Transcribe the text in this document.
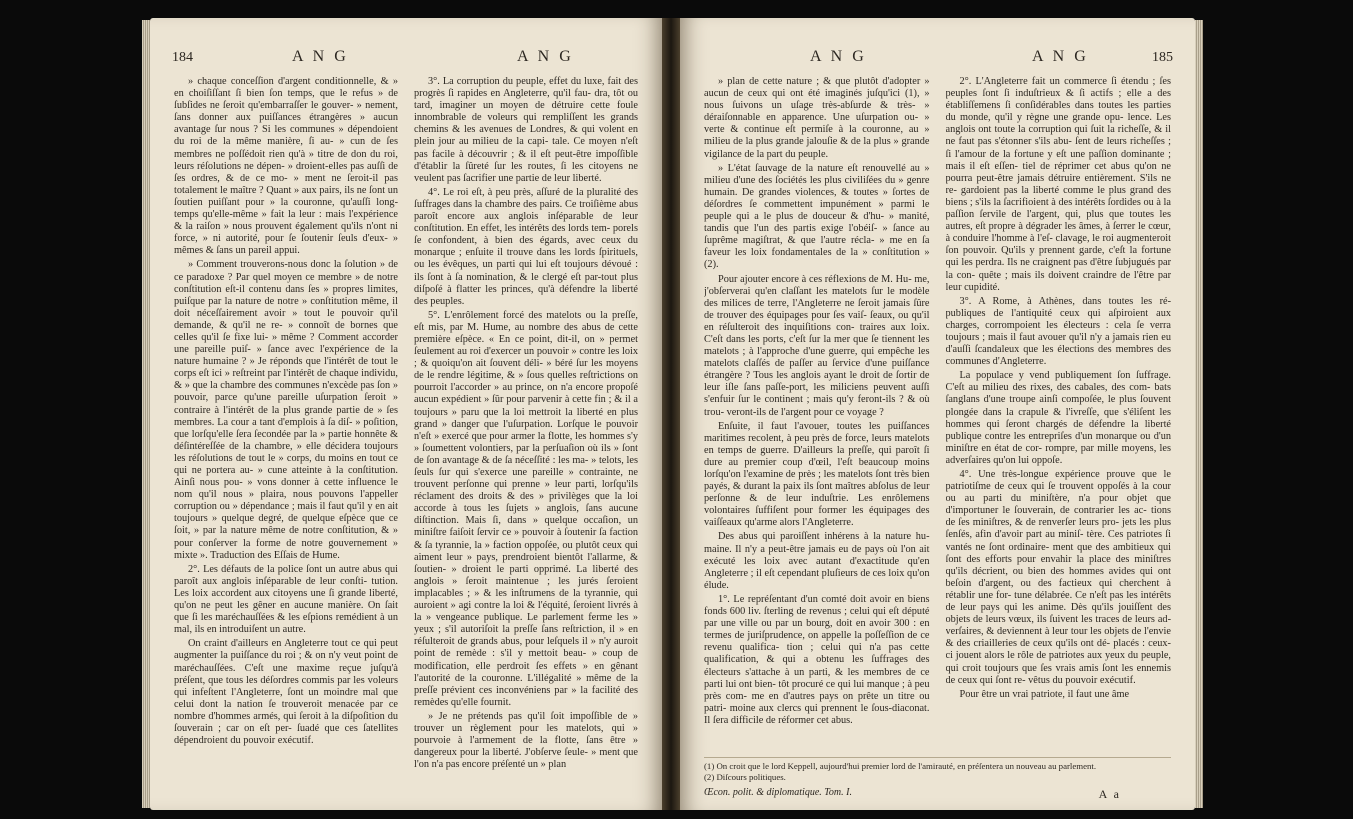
184	A N G	A N G

» chaque conceſſion d'argent conditionnelle, & » en choiſiſſant ſi bien ſon temps, que le refus » de ſubſides ne ſeroit qu'embarraſſer le gouver- » nement, ſans donner aux puiſſances étrangères » aucun avantage ſur nous ? Si les communes » dépendoient du roi de la même manière, ſi au- » cun de ſes membres ne poſſédoit rien qu'à » titre de don du roi, leurs réſolutions ne dépen- » droient-elles pas auſſi de ſes ordres, & de ce mo- » ment ne ſeroit-il pas totalement le maître ? Quant » aux pairs, ils ne ſont un ſoutien puiſſant pour » la couronne, qu'auſſi long-temps qu'elle-même » fait la leur : mais l'expérience & la raiſon » nous prouvent également qu'ils n'ont ni force, » ni autorité, pour ſe ſoutenir ſeuls d'eux- » mêmes & ſans un pareil appui.

» Comment trouverons-nous donc la ſolution » de ce paradoxe ? Par quel moyen ce membre » de notre conſtitution eſt-il contenu dans ſes » propres limites, puiſque par la nature de notre » conſtitution même, il doit néceſſairement avoir » tout le pouvoir qu'il demande, & qu'il ne re- » connoît de bornes que celles qu'il ſe fixe lui- » même ? Comment accorder une pareille puiſ- » ſance avec l'expérience de la nature humaine ? » Je réponds que l'intérêt de tout le corps eſt ici » reſtreint par l'intérêt de chaque individu, & » que la chambre des communes n'excède pas ſon » pouvoir, parce qu'une pareille uſurpation ſeroit » contraire à l'intérêt de la plus grande partie de » ſes membres. La cour a tant d'emplois à ſa diſ- » poſition, que lorſqu'elle ſera ſecondée par la » partie honnête & déſintéreſſée de la chambre, » elle décidera toujours les réſolutions de tout le » corps, du moins en tout ce qui ne portera au- » cune atteinte à la conſtitution. Ainſi nous pou- » vons donner à cette influence le nom qu'il nous » plaira, nous pouvons l'appeller corruption ou » dépendance ; mais il faut qu'il y en ait toujours » quelque degré, de quelque eſpèce que ce ſoit, » par la nature même de notre conſtitution, & » pour conſerver la forme de notre gouvernement » mixte ». Traduction des Eſſais de Hume.

2°. Les défauts de la police ſont un autre abus qui paroît aux anglois inſéparable de leur conſti- tution. Les loix accordent aux citoyens une ſi grande liberté, qu'on ne peut les gêner en aucune manière. On ſait que ſi les maréchauſſées & les eſpions remédient à un mal, ils en introduiſent un autre.

On craint d'ailleurs en Angleterre tout ce qui peut augmenter la puiſſance du roi ; & on n'y veut point de maréchauſſées. C'eſt une maxime reçue juſqu'à préſent, que tous les déſordres commis par les voleurs qui infeſtent l'Angleterre, ſont un moindre mal que celui dont la nation ſe trouveroit menacée par ce nombre d'hommes armés, qui ſeroit à la diſpoſition du ſouverain ; car on eſt per- ſuadé que ces ſatellites dépendroient du pouvoir exécutif.

3°. La corruption du peuple, effet du luxe, fait des progrès ſi rapides en Angleterre, qu'il fau- dra, tôt ou tard, imaginer un moyen de détruire cette foule innombrable de voleurs qui rempliſſent les grands chemins & les avenues de Londres, & qui volent en plein jour au milieu de la capi- tale. Ce moyen n'eſt pas facile à découvrir ; & il eſt peut-être impoſſible d'établir la ſûreté ſur les routes, ſi les citoyens ne veulent pas ſacrifier une partie de leur liberté.

4°. Le roi eſt, à peu près, aſſuré de la pluralité des ſuffrages dans la chambre des pairs. Ce troiſième abus paroît encore aux anglois inſéparable de leur conſtitution. En effet, les intérêts des lords tem- porels ſe confondent, à bien des égards, avec ceux du monarque ; enſuite il trouve dans les lords ſpirituels, ou les évêques, un parti qui lui eſt toujours dévoué : ils ſont à ſa nomination, & le clergé eſt par-tout plus diſpoſé à flatter les princes, qu'à défendre la liberté des peuples.

5°. L'enrôlement forcé des matelots ou la preſſe, eſt mis, par M. Hume, au nombre des abus de cette première eſpèce. « En ce point, dit-il, on » permet ſeulement au roi d'exercer un pouvoir » contre les loix ; & quoiqu'on ait ſouvent déli- » béré ſur les moyens de le rendre légitime, & » ſous quelles reſtrictions on pourroit l'accorder » au prince, on n'a encore propoſé aucun expédient » ſûr pour parvenir à cette fin ; & il a toujours » paru que la loi mettroit la liberté en plus grand » danger que l'uſurpation. Lorſque le pouvoir n'eſt » exercé que pour armer la flotte, les hommes s'y » ſoumettent volontiers, par la perſuaſion où ils » ſont de ſon avantage & de ſa néceſſité : les ma- » telots, les ſeuls ſur qui s'exerce une pareille » contrainte, ne trouvent perſonne qui prenne » leur parti, lorſqu'ils réclament des droits & des » privilèges que la loi accorde à tous les ſujets » anglois, ſans aucune diſtinction. Mais ſi, dans » quelque occaſion, un miniſtre faiſoit ſervir ce » pouvoir à ſoutenir ſa faction & ſa tyrannie, la » faction oppoſée, ou plutôt ceux qui aiment leur » pays, prendroient bientôt l'allarme, & ſoutien- » droient le parti opprimé. La liberté des anglois » ſeroit maintenue ; les jurés ſeroient implacables ; » & les inſtrumens de la tyrannie, qui auroient » agi contre la loi & l'équité, ſeroient livrés à la » vengeance publique. Le parlement ferme les » yeux ; s'il autoriſoit la preſſe ſans reſtriction, il » en réſulteroit de grands abus, pour leſquels il » n'y auroit point de remède : s'il y mettoit beau- » coup de modification, elle perdroit ſes effets » en gênant l'autorité de la couronne. L'illégalité » même de la preſſe prévient ces inconvéniens par » la facilité des remèdes qu'elle fournit.

» Je ne prétends pas qu'il ſoit impoſſible de » trouver un règlement pour les matelots, qui » pourvoie à l'armement de la flotte, ſans être » dangereux pour la liberté. J'obſerve ſeule- » ment que l'on n'a pas encore préſenté un » plan

A N G	A N G	185

» plan de cette nature ; & que plutôt d'adopter » aucun de ceux qui ont été imaginés juſqu'ici (1), » nous ſuivons un uſage très-abſurde & très- » déraiſonnable en apparence. Une uſurpation ou- » verte & continue eſt permiſe à la couronne, au » milieu de la plus grande jalouſie & de la plus » grande vigilance de la part du peuple.

» L'état ſauvage de la nature eſt renouvellé au » milieu d'une des ſociétés les plus civiliſées du » genre humain. De grandes violences, & toutes » ſortes de déſordres ſe commettent impunément » parmi le peuple qui a le plus de douceur & d'hu- » manité, tandis que l'un des partis exige l'obéiſ- » ſance au ſuprême magiſtrat, & que l'autre récla- » me en ſa faveur les loix fondamentales de la » conſtitution » (2).

Pour ajouter encore à ces réflexions de M. Hu- me, j'obſerverai qu'en claſſant les matelots ſur le modèle des milices de terre, l'Angleterre ne ſeroit jamais ſûre de trouver des équipages pour ſes vaiſ- ſeaux, ou qu'il en réſulteroit des inquiſitions con- traires aux loix. C'eſt dans les ports, c'eſt ſur la mer que ſe tiennent les matelots ; à l'approche d'une guerre, qui empêche les matelots claſſés de paſſer au ſervice d'une puiſſance étrangère ? Tous les anglois ayant le droit de ſortir de leur iſle ſans paſſe-port, les miliciens peuvent auſſi s'enfuir ſur le continent ; mais qu'y feront-ils ? & où trou- veront-ils de l'argent pour ce voyage ?

Enſuite, il faut l'avouer, toutes les puiſſances maritimes recolent, à peu près de force, leurs matelots en temps de guerre. D'ailleurs la preſſe, qui paroît ſi dure au premier coup d'œil, l'eſt beaucoup moins lorſqu'on l'examine de près ; les matelots ſont très bien payés, & durant la paix ils ſont maîtres abſolus de leur perſonne & de leur induſtrie. Les enrôlemens volontaires ſuffiſent pour former les équipages des vaiſſeaux qu'arme alors l'Angleterre.

Des abus qui paroiſſent inhérens à la nature hu- maine. Il n'y a peut-être jamais eu de pays où l'on ait exécuté les loix avec autant d'exactitude qu'en Angleterre ; il eſt cependant pluſieurs de ces loix qu'on élude.

1°. Le repréſentant d'un comté doit avoir en biens fonds 600 liv. ſterling de revenus ; celui qui eſt député par une ville ou par un bourg, doit en avoir 300 : en termes de juriſprudence, on appelle la poſſeſſion de ce revenu qualifica- tion ; celui qui n'a pas cette qualification, & qui a obtenu les ſuffrages des électeurs s'attache à un parti, & les membres de ce parti lui ont bien- tôt procuré ce qui lui manque ; à peu près com- me en d'autres pays on prête un titre ou patri- moine aux clercs qui prennent le ſous-diaconat. Il ſera difficile de réformer cet abus.

2°. L'Angleterre fait un commerce ſi étendu ; ſes peuples ſont ſi induſtrieux & ſi actifs ; elle a des établiſſemens ſi conſidérables dans toutes les parties du monde, qu'il y règne une grande opu- lence. Les anglois ont toute la corruption qui ſuit la richeſſe, & il ne faut pas s'étonner s'ils abu- ſent de leurs richeſſes ; ſi l'amour de la fortune y eſt une paſſion dominante ; mais il eſt eſſen- tiel de réprimer cet abus qu'on ne pourra peut-être jamais détruire entièrement. S'ils ne re- gardoient pas la liberté comme le plus grand des biens ; s'ils la ſacrifioient à des intérêts ſordides ou à la paſſion ſervile de l'argent, qui, plus que toutes les autres, eſt propre à dégrader les âmes, à ſerrer le cœur, à conduire l'homme à l'eſ- clavage, le roi augmenteroit ſon pouvoir. Qu'ils y prennent garde, c'eſt la fortune qui les perdra. Ils ne craignent pas d'être ſubjugués par la con- quête ; mais ils doivent craindre de l'être par leur cupidité.

3°. A Rome, à Athènes, dans toutes les ré- publiques de l'antiquité ceux qui aſpiroient aux charges, corrompoient les électeurs : cela ſe verra toujours ; mais il faut avouer qu'il n'y a jamais rien eu d'auſſi ſcandaleux que les élections des membres des communes d'Angleterre.

La populace y vend publiquement ſon ſuffrage. C'eſt au milieu des rixes, des cabales, des com- bats ſanglans d'une troupe ainſi compoſée, le plus ſouvent plongée dans la crapule & l'ivreſſe, que s'éliſent les hommes qui ſeront chargés de défendre la liberté publique contre les entrepriſes d'un monarque ou d'un miniſtre en état de cor- rompre, par mille moyens, les adverſaires qu'on lui oppoſe.

4°. Une très-longue expérience prouve que le patriotiſme de ceux qui ſe trouvent oppoſés à la cour ou au parti du miniſtère, n'a pour objet que d'importuner le ſouverain, de contrarier les ac- tions de ſes miniſtres, & de renverſer leurs pro- jets les plus ſenſés, afin d'avoir part au miniſ- tère. Ces patriotes ſi vantés ne ſont ordinaire- ment que des ambitieux qui ſont des efforts pour envahir la place des miniſtres qu'ils décrient, ou bien des hommes avides qui ont beſoin d'argent, ou des factieux qui cherchent à rétablir une for- tune délabrée. Ce n'eſt pas les intérêts de leur pays qui les anime. Dès qu'ils jouiſſent des objets de leurs vœux, ils ſuivent les traces de leurs ad- verſaires, & deviennent à leur tour les objets de l'envie & des criailleries de ceux qu'ils ont dé- placés : ceux-ci jouent alors le rôle de patriotes aux yeux du peuple, qui croit toujours que ſes vrais amis ſont les ennemis de ceux qui ſont re- vêtus du pouvoir exécutif.

Pour être un vrai patriote, il faut une âme

(1) On croit que le lord Keppell, aujourd'hui premier lord de l'amirauté, en préſentera un nouveau au parlement.
(2) Diſcours politiques.
Œcon. polit. & diplomatique. Tom. I.	A a
